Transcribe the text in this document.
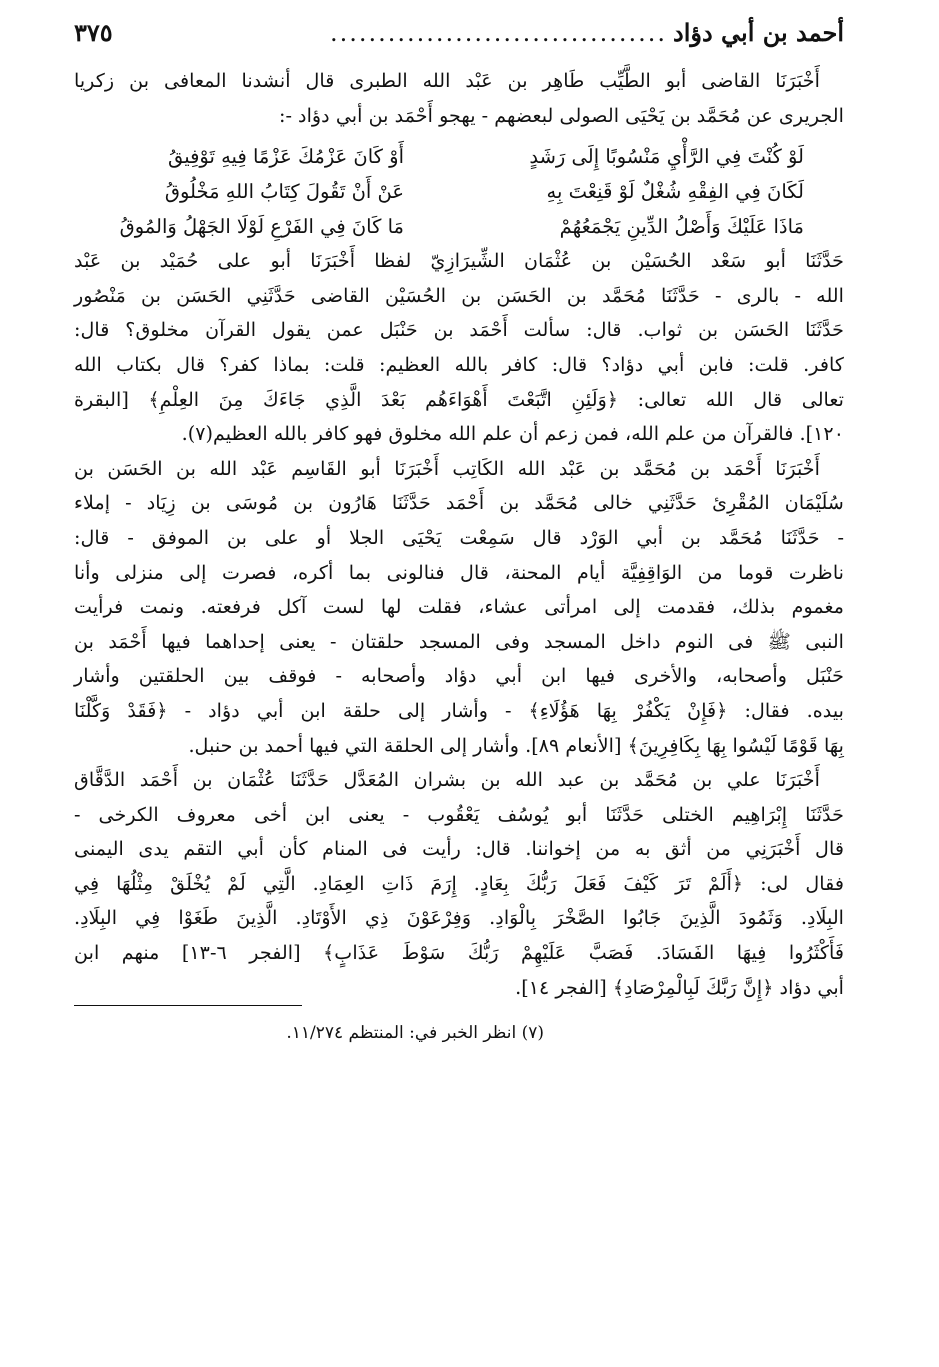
أحمد بن أبي دؤاد
...................................
٣٧٥
أَخْبَرَنَا القاضى أبو الطَّيِّب طَاهِر بن عَبْد الله الطبرى قال أنشدنا المعافى بن زكريا
الجريرى عن مُحَمَّد بن يَحْيَى الصولى لبعضهم - يهجو أَحْمَد بن أبي دؤاد -:
لَوْ كُنْتَ فِي الرَّأْيِ مَنْسُوبًا إِلَى رَشَدٍ
أَوْ كَانَ عَزْمُكَ عَزْمًا فِيهِ تَوْفِيقُ
لَكَانَ فِي الفِقْهِ شُغْلٌ لَوْ قَنِعْتَ بِهِ
عَنْ أَنْ تَقُولَ كِتَابُ اللهِ مَخْلُوقُ
مَاذَا عَلَيْكَ وَأَصْلُ الدِّينِ يَجْمَعُهُمْ
مَا كَانَ فِي الفَرْعِ لَوْلَا الجَهْلُ وَالمُوقُ
حَدَّثَنَا أبو سَعْد الحُسَيْن بن عُثْمَان الشِّيرَازِيّ لفظا أَخْبَرَنَا أبو على حُمَيْد بن عَبْد
الله - بالرى - حَدَّثَنَا مُحَمَّد بن الحَسَن بن الحُسَيْن القاضى حَدَّثَنِي الحَسَن بن مَنْصُور
حَدَّثَنَا الحَسَن بن ثواب. قال: سألت أَحْمَد بن حَنْبَل عمن يقول القرآن مخلوق؟ قال:
كافر. قلت: فابن أبي دؤاد؟ قال: كافر بالله العظيم: قلت: بماذا كفر؟ قال بكتاب الله
تعالى قال الله تعالى: ﴿وَلَئِنِ اتَّبَعْتَ أَهْوَاءَهُم بَعْدَ الَّذِي جَاءَكَ مِنَ العِلْمِ﴾ [البقرة
١٢٠]. فالقرآن من علم الله، فمن زعم أن علم الله مخلوق فهو كافر بالله العظيم(٧).
أَخْبَرَنَا أَحْمَد بن مُحَمَّد بن عَبْد الله الكَاتِب أَخْبَرَنَا أبو القَاسِم عَبْد الله بن الحَسَن بن
سُلَيْمَان المُقْرِئ حَدَّثَنِي خالى مُحَمَّد بن أَحْمَد حَدَّثَنَا هَارُون بن مُوسَى بن زِيَاد - إملاء
- حَدَّثَنَا مُحَمَّد بن أبي الوَرْد قال سَمِعْت يَحْيَى الجلا أو على بن الموفق - قال:
ناظرت قوما من الوَاقِفِيَّة أيام المحنة، قال فنالونى بما أكره، فصرت إلى منزلى وأنا
مغموم بذلك، فقدمت إلى امرأتى عشاء، فقلت لها لست آكل فرفعته. ونمت فرأيت
النبى ﷺ فى النوم داخل المسجد وفى المسجد حلقتان - يعنى إحداهما فيها أَحْمَد بن
حَنْبَل وأصحابه، والأخرى فيها ابن أبي دؤاد وأصحابه - فوقف بين الحلقتين وأشار
بيده. فقال: ﴿فَإِنْ يَكْفُرْ بِهَا هَؤُلَاءِ﴾ - وأشار إلى حلقة ابن أبي دؤاد - ﴿فَقَدْ وَكَّلْنَا
بِهَا قَوْمًا لَيْسُوا بِهَا بِكَافِرِينَ﴾ [الأنعام ٨٩]. وأشار إلى الحلقة التي فيها أحمد بن حنبل.
أَخْبَرَنَا علي بن مُحَمَّد بن عبد الله بن بشران المُعَدَّل حَدَّثَنَا عُثْمَان بن أَحْمَد الدَّقَّاق
حَدَّثَنَا إِبْرَاهِيم الختلى حَدَّثَنَا أبو يُوسُف يَعْقُوب - يعنى ابن أخى معروف الكرخى -
قال أَخْبَرَنِي من أثق به من إخواننا. قال: رأيت فى المنام كأن أبي التقم يدى اليمنى
فقال لى: ﴿أَلَمْ تَرَ كَيْفَ فَعَلَ رَبُّكَ بِعَادٍ. إِرَمَ ذَاتِ العِمَادِ. الَّتِي لَمْ يُخْلَقْ مِثْلُهَا فِي
البِلَادِ. وَثَمُودَ الَّذِينَ جَابُوا الصَّخْرَ بِالْوَادِ. وَفِرْعَوْنَ ذِي الأَوْتَادِ. الَّذِينَ طَغَوْا فِي البِلَادِ.
فَأَكْثَرُوا فِيهَا الفَسَادَ. فَصَبَّ عَلَيْهِمْ رَبُّكَ سَوْطَ عَذَابٍ﴾ [الفجر ٦-١٣] منهم ابن
أبي دؤاد ﴿إِنَّ رَبَّكَ لَبِالْمِرْصَادِ﴾ [الفجر ١٤].
(٧) انظر الخبر في: المنتظم ١١/٢٧٤.
